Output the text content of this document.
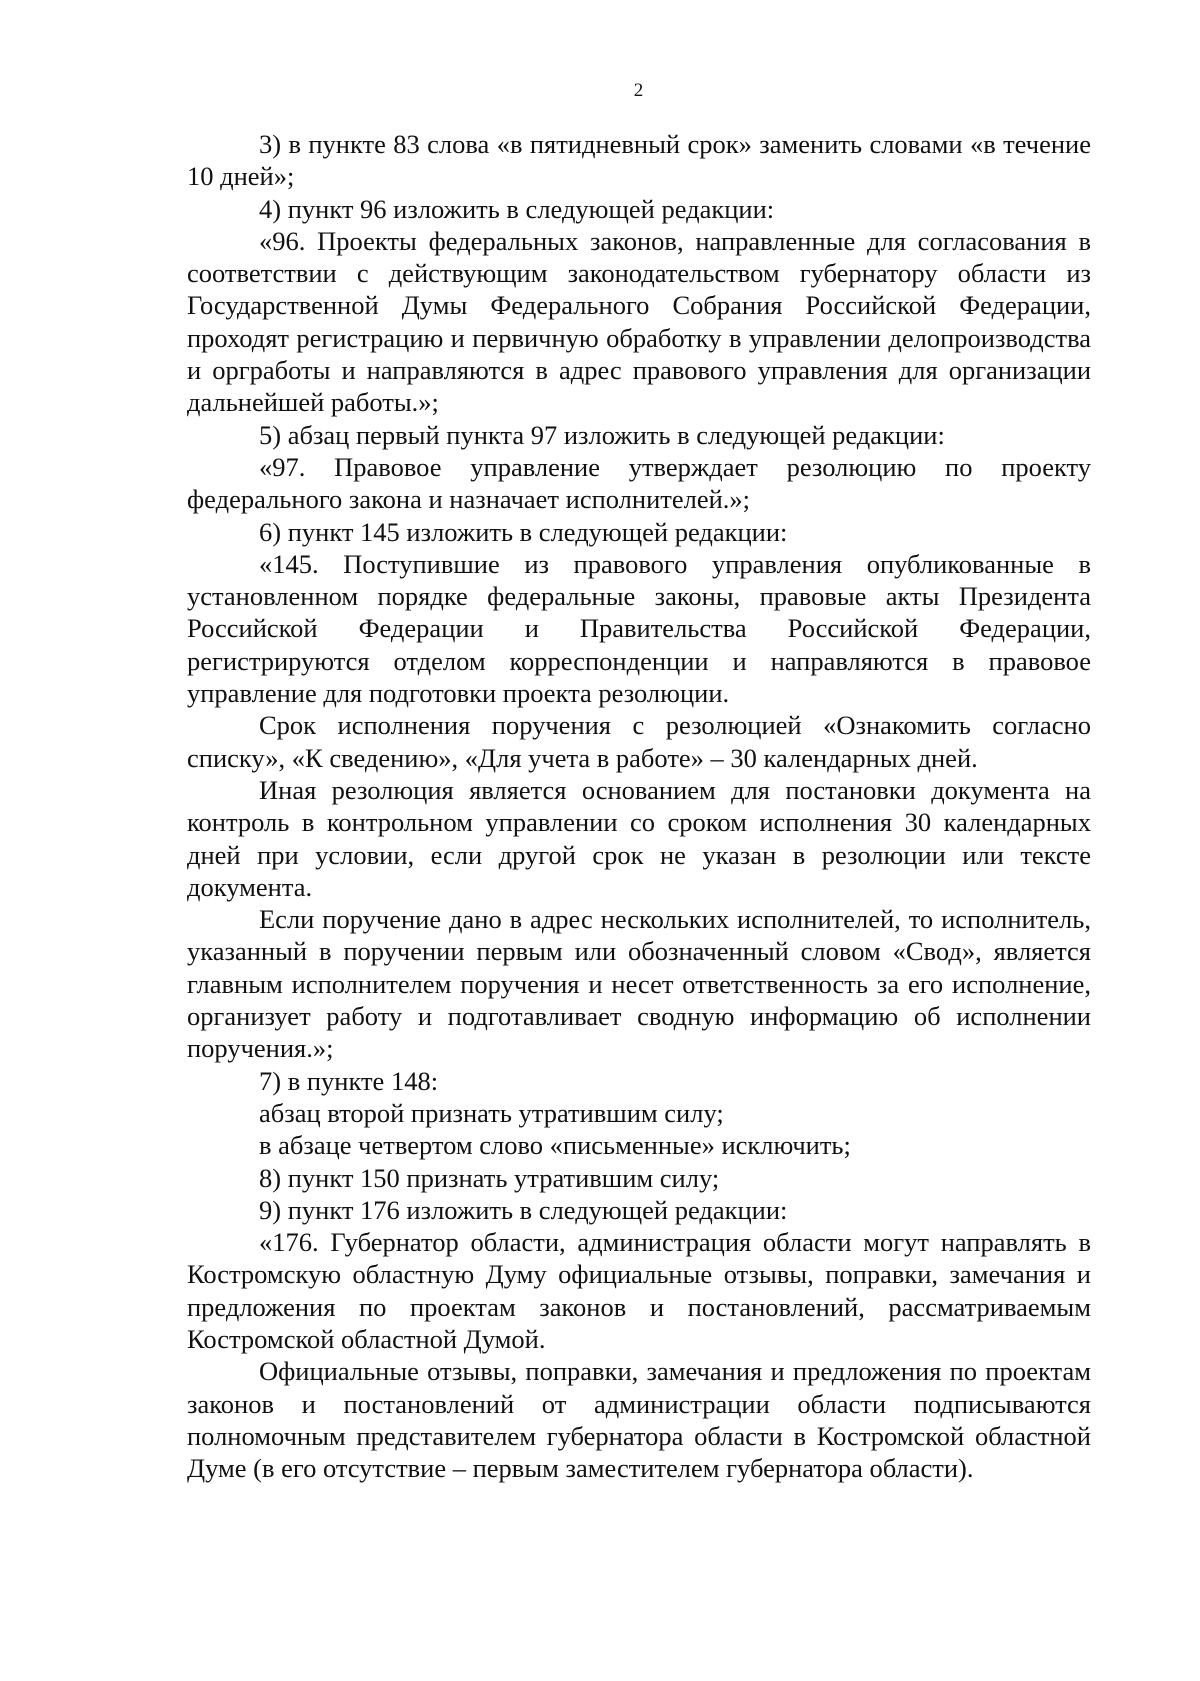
2

3) в пункте 83 слова «в пятидневный срок» заменить словами «в течение 10 дней»;

4) пункт 96 изложить в следующей редакции:

«96. Проекты федеральных законов, направленные для согласования в соответствии с действующим законодательством губернатору области из Государственной Думы Федерального Собрания Российской Федерации, проходят регистрацию и первичную обработку в управлении делопроизводства и оргработы и направляются в адрес правового управления для организации дальнейшей работы.»;

5) абзац первый пункта 97 изложить в следующей редакции:

«97. Правовое управление утверждает резолюцию по проекту федерального закона и назначает исполнителей.»;

6) пункт 145 изложить в следующей редакции:

«145. Поступившие из правового управления опубликованные в установленном порядке федеральные законы, правовые акты Президента Российской Федерации и Правительства Российской Федерации, регистрируются отделом корреспонденции и направляются в правовое управление для подготовки проекта резолюции.

Срок исполнения поручения с резолюцией «Ознакомить согласно списку», «К сведению», «Для учета в работе» – 30 календарных дней.

Иная резолюция является основанием для постановки документа на контроль в контрольном управлении со сроком исполнения 30 календарных дней при условии, если другой срок не указан в резолюции или тексте документа.

Если поручение дано в адрес нескольких исполнителей, то исполнитель, указанный в поручении первым или обозначенный словом «Свод», является главным исполнителем поручения и несет ответственность за его исполнение, организует работу и подготавливает сводную информацию об исполнении поручения.»;

7) в пункте 148:

абзац второй признать утратившим силу;

в абзаце четвертом слово «письменные» исключить;

8) пункт 150 признать утратившим силу;

9) пункт 176 изложить в следующей редакции:

«176. Губернатор области, администрация области могут направлять в Костромскую областную Думу официальные отзывы, поправки, замечания и предложения по проектам законов и постановлений, рассматриваемым Костромской областной Думой.

Официальные отзывы, поправки, замечания и предложения по проектам законов и постановлений от администрации области подписываются полномочным представителем губернатора области в Костромской областной Думе (в его отсутствие – первым заместителем губернатора области).
